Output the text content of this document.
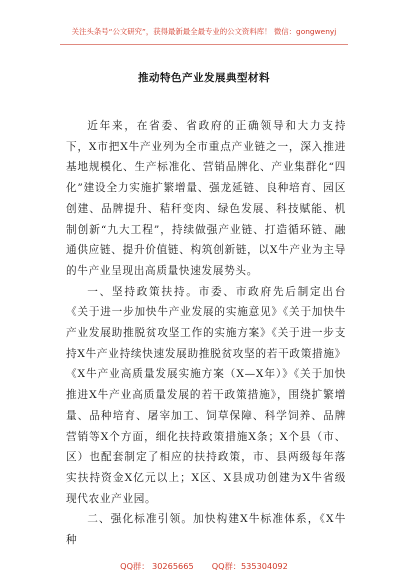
关注头条号“公文研究”，获得最新最全最专业的公文资料库！ 微信：gongwenyj
推动特色产业发展典型材料

近年来，在省委、省政府的正确领导和大力支持下，X市把X牛产业列为全市重点产业链之一，深入推进基地规模化、生产标准化、营销品牌化、产业集群化“四化”建设全力实施扩繁增量、强龙延链、良种培育、园区创建、品牌提升、秸秆变肉、绿色发展、科技赋能、机制创新“九大工程”，持续做强产业链、打造循环链、融通供应链、提升价值链、构筑创新链，以X牛产业为主导的牛产业呈现出高质量快速发展势头。

一、坚持政策扶持。市委、市政府先后制定出台《关于进一步加快牛产业发展的实施意见》《关于加快牛产业发展助推脱贫攻坚工作的实施方案》《关于进一步支持X牛产业持续快速发展助推脱贫攻坚的若干政策措施》《X牛产业高质量发展实施方案（X—X年）》《关于加快推进X牛产业高质量发展的若干政策措施》，围绕扩繁增量、品种培育、屠宰加工、饲草保障、科学饲养、品牌营销等X个方面，细化扶持政策措施X条；X个县（市、区）也配套制定了相应的扶持政策，市、县两级每年落实扶持资金X亿元以上；X区、X县成功创建为X牛省级现代农业产业园。

二、强化标准引领。加快构建X牛标准体系，《X牛种

QQ群： 30265665 QQ群：535304092
